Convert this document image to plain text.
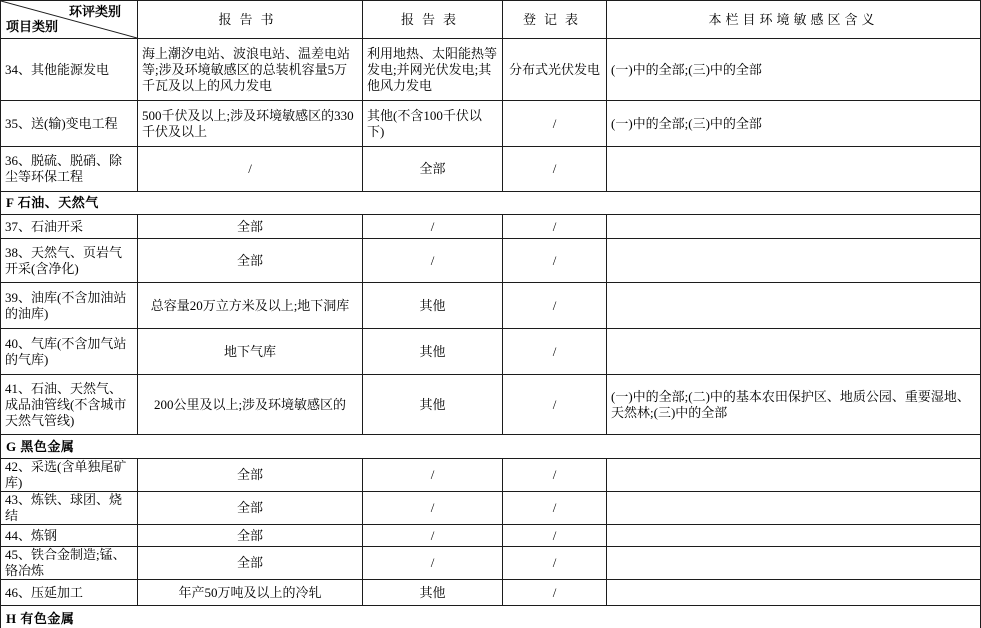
环评类别
项目类别	报告书	报告表	登记表	本栏目环境敏感区含义
34、其他能源发电	海上潮汐电站、波浪电站、温差电站等;涉及环境敏感区的总装机容量5万千瓦及以上的风力发电	利用地热、太阳能热等发电;并网光伏发电;其他风力发电	分布式光伏发电	(一)中的全部;(三)中的全部
35、送(输)变电工程	500千伏及以上;涉及环境敏感区的330千伏及以上	其他(不含100千伏以下)	/	(一)中的全部;(三)中的全部
36、脱硫、脱硝、除尘等环保工程	/	全部	/	
F 石油、天然气				
37、石油开采	全部	/	/	
38、天然气、页岩气开采(含净化)	全部	/	/	
39、油库(不含加油站的油库)	总容量20万立方米及以上;地下洞库	其他	/	
40、气库(不含加气站的气库)	地下气库	其他	/	
41、石油、天然气、成品油管线(不含城市天然气管线)	200公里及以上;涉及环境敏感区的	其他	/	(一)中的全部;(二)中的基本农田保护区、地质公园、重要湿地、天然林;(三)中的全部
G 黑色金属				
42、采选(含单独尾矿库)	全部	/	/	
43、炼铁、球团、烧结	全部	/	/	
44、炼钢	全部	/	/	
45、铁合金制造;锰、铬冶炼	全部	/	/	
46、压延加工	年产50万吨及以上的冷轧	其他	/	
H 有色金属				
